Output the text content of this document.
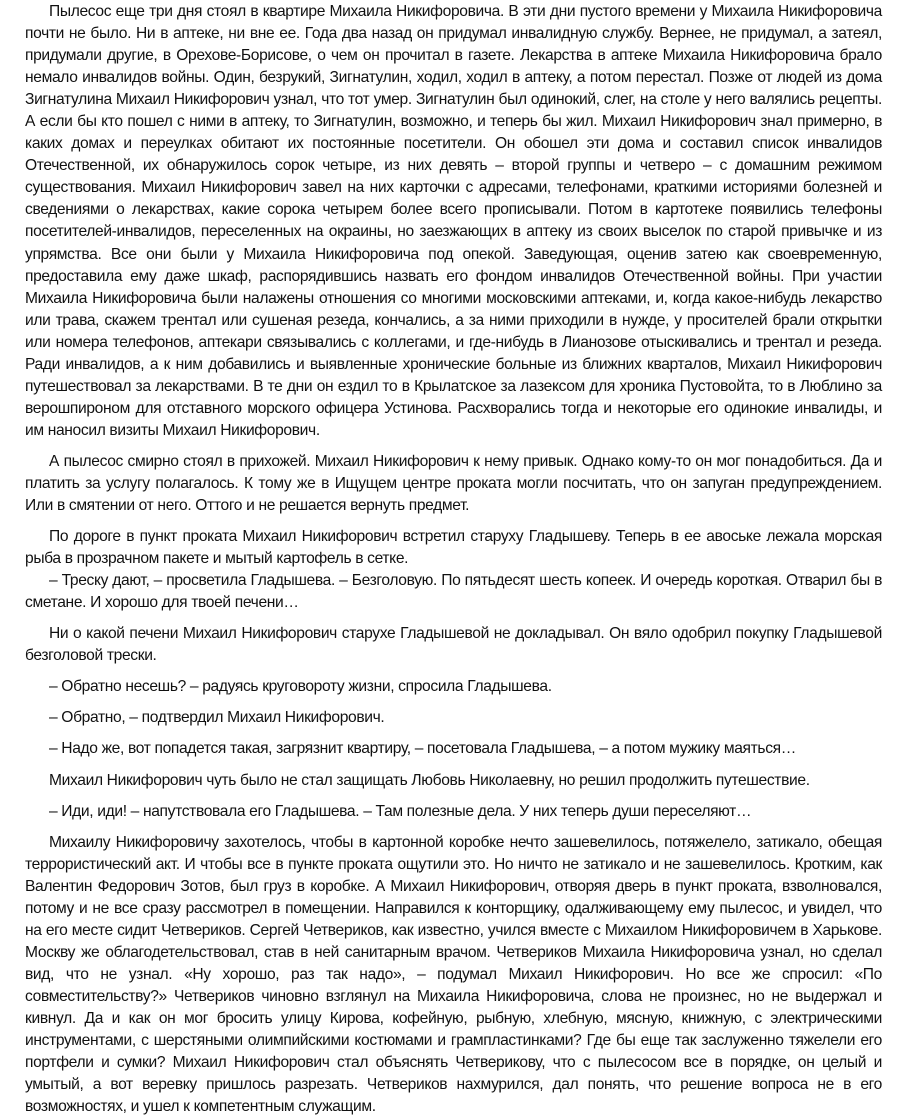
Пылесос еще три дня стоял в квартире Михаила Никифоровича. В эти дни пустого времени у Михаила Никифоровича почти не было. Ни в аптеке, ни вне ее. Года два назад он придумал инвалидную службу. Вернее, не придумал, а затеял, придумали другие, в Орехове-Борисове, о чем он прочитал в газете. Лекарства в аптеке Михаила Никифоровича брало немало инвалидов войны. Один, безрукий, Зигнатулин, ходил, ходил в аптеку, а потом перестал. Позже от людей из дома Зигнатулина Михаил Никифорович узнал, что тот умер. Зигнатулин был одинокий, слег, на столе у него валялись рецепты. А если бы кто пошел с ними в аптеку, то Зигнатулин, возможно, и теперь бы жил. Михаил Никифорович знал примерно, в каких домах и переулках обитают их постоянные посетители. Он обошел эти дома и составил список инвалидов Отечественной, их обнаружилось сорок четыре, из них девять – второй группы и четверо – с домашним режимом существования. Михаил Никифорович завел на них карточки с адресами, телефонами, краткими историями болезней и сведениями о лекарствах, какие сорока четырем более всего прописывали. Потом в картотеке появились телефоны посетителей-инвалидов, переселенных на окраины, но заезжающих в аптеку из своих выселок по старой привычке и из упрямства. Все они были у Михаила Никифоровича под опекой. Заведующая, оценив затею как своевременную, предоставила ему даже шкаф, распорядившись назвать его фондом инвалидов Отечественной войны. При участии Михаила Никифоровича были налажены отношения со многими московскими аптеками, и, когда какое-нибудь лекарство или трава, скажем трентал или сушеная резеда, кончались, а за ними приходили в нужде, у просителей брали открытки или номера телефонов, аптекари связывались с коллегами, и где-нибудь в Лианозове отыскивались и трентал и резеда. Ради инвалидов, а к ним добавились и выявленные хронические больные из ближних кварталов, Михаил Никифорович путешествовал за лекарствами. В те дни он ездил то в Крылатское за лазексом для хроника Пустовойта, то в Люблино за верошпироном для отставного морского офицера Устинова. Расхворались тогда и некоторые его одинокие инвалиды, и им наносил визиты Михаил Никифорович.

А пылесос смирно стоял в прихожей. Михаил Никифорович к нему привык. Однако кому-то он мог понадобиться. Да и платить за услугу полагалось. К тому же в Ищущем центре проката могли посчитать, что он запуган предупреждением. Или в смятении от него. Оттого и не решается вернуть предмет.

По дороге в пункт проката Михаил Никифорович встретил старуху Гладышеву. Теперь в ее авоське лежала морская рыба в прозрачном пакете и мытый картофель в сетке.

– Треску дают, – просветила Гладышева. – Безголовую. По пятьдесят шесть копеек. И очередь короткая. Отварил бы в сметане. И хорошо для твоей печени…

Ни о какой печени Михаил Никифорович старухе Гладышевой не докладывал. Он вяло одобрил покупку Гладышевой безголовой трески.

– Обратно несешь? – радуясь круговороту жизни, спросила Гладышева.

– Обратно, – подтвердил Михаил Никифорович.

– Надо же, вот попадется такая, загрязнит квартиру, – посетовала Гладышева, – а потом мужику маяться…

Михаил Никифорович чуть было не стал защищать Любовь Николаевну, но решил продолжить путешествие.

– Иди, иди! – напутствовала его Гладышева. – Там полезные дела. У них теперь души переселяют…

Михаилу Никифоровичу захотелось, чтобы в картонной коробке нечто зашевелилось, потяжелело, затикало, обещая террористический акт. И чтобы все в пункте проката ощутили это. Но ничто не затикало и не зашевелилось. Кротким, как Валентин Федорович Зотов, был груз в коробке. А Михаил Никифорович, отворяя дверь в пункт проката, взволновался, потому и не все сразу рассмотрел в помещении. Направился к конторщику, одалживающему ему пылесос, и увидел, что на его месте сидит Четвериков. Сергей Четвериков, как известно, учился вместе с Михаилом Никифоровичем в Харькове. Москву же облагодетельствовал, став в ней санитарным врачом. Четвериков Михаила Никифоровича узнал, но сделал вид, что не узнал. «Ну хорошо, раз так надо», – подумал Михаил Никифорович. Но все же спросил: «По совместительству?» Четвериков чиновно взглянул на Михаила Никифоровича, слова не произнес, но не выдержал и кивнул. Да и как он мог бросить улицу Кирова, кофейную, рыбную, хлебную, мясную, книжную, с электрическими инструментами, с шерстяными олимпийскими костюмами и грампластинками? Где бы еще так заслуженно тяжелели его портфели и сумки? Михаил Никифорович стал объяснять Четверикову, что с пылесосом все в порядке, он целый и умытый, а вот веревку пришлось разрезать. Четвериков нахмурился, дал понять, что решение вопроса не в его возможностях, и ушел к компетентным служащим.
